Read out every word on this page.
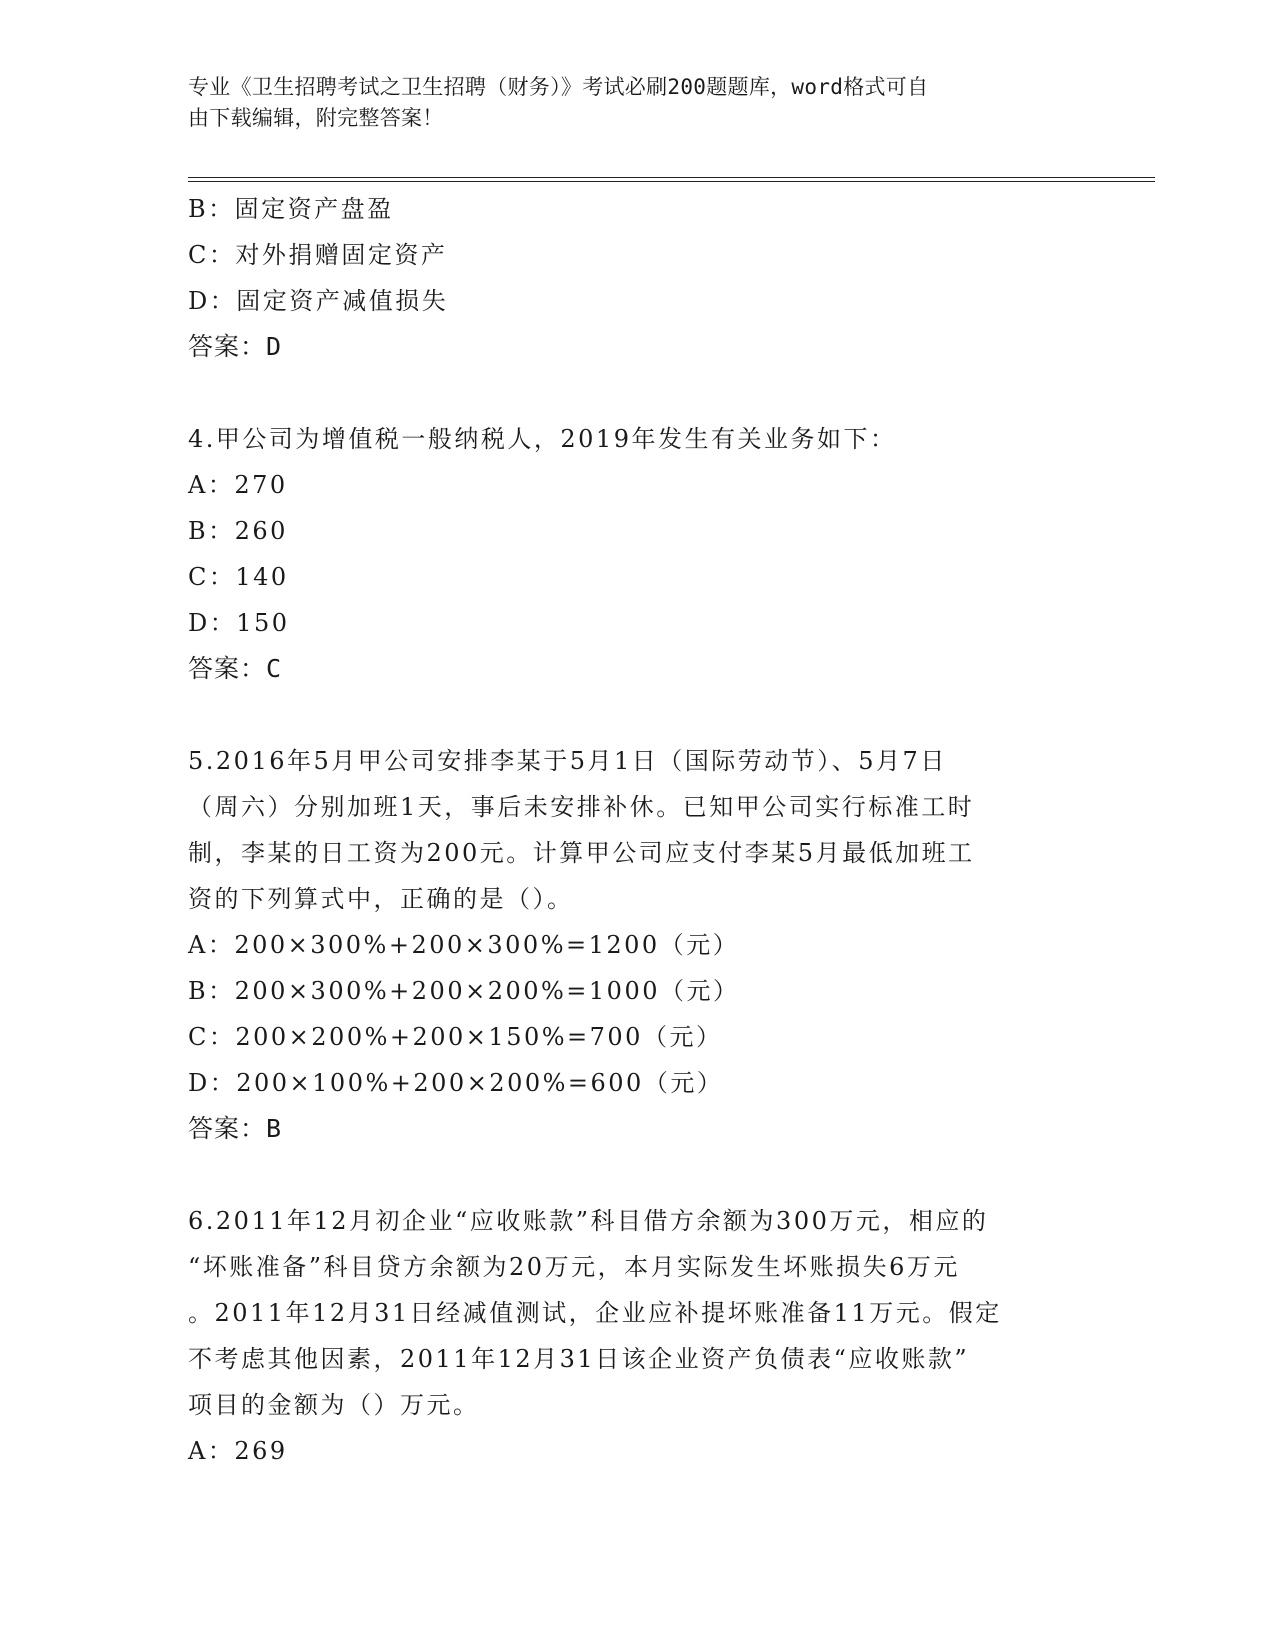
专业《卫生招聘考试之卫生招聘（财务）》考试必刷200题题库，word格式可自
由下载编辑，附完整答案！
B：固定资产盘盈
C：对外捐赠固定资产
D：固定资产减值损失
答案：D
4.甲公司为增值税一般纳税人，2019年发生有关业务如下：
A：270
B：260
C：140
D：150
答案：C
5.2016年5月甲公司安排李某于5月1日（国际劳动节）、5月7日
（周六）分别加班1天，事后未安排补休。已知甲公司实行标准工时
制，李某的日工资为200元。计算甲公司应支付李某5月最低加班工
资的下列算式中，正确的是（）。
A：200×300%+200×300%=1200（元）
B：200×300%+200×200%=1000（元）
C：200×200%+200×150%=700（元）
D：200×100%+200×200%=600（元）
答案：B
6.2011年12月初企业“应收账款”科目借方余额为300万元，相应的
“坏账准备”科目贷方余额为20万元，本月实际发生坏账损失6万元
。2011年12月31日经减值测试，企业应补提坏账准备11万元。假定
不考虑其他因素，2011年12月31日该企业资产负债表“应收账款”
项目的金额为（）万元。
A：269
